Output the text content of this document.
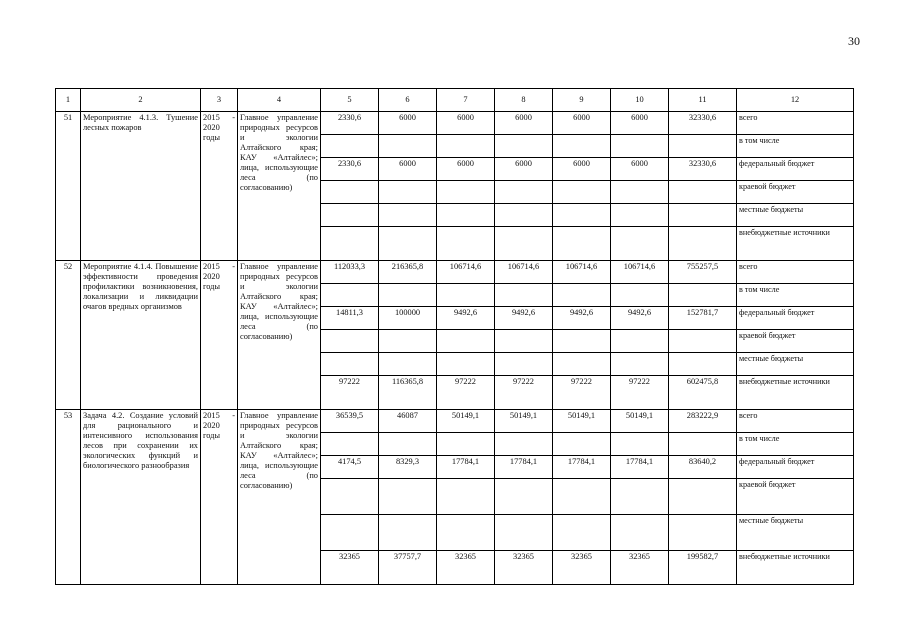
30
1	2	3	4	5	6	7	8	9	10	11	12
51	Мероприятие 4.1.3. Тушение лесных пожаров	2015 - 2020 годы	Главное управление природных ресурсов и экологии Алтайского края; КАУ «Алтайлес»; лица, использующие леса (по согласованию)	2330,6	6000	6000	6000	6000	6000	32330,6	всего
											в том числе
				2330,6	6000	6000	6000	6000	6000	32330,6	федеральный бюджет
											краевой бюджет
											местные бюджеты
											внебюджетные источники
52	Мероприятие 4.1.4. Повышение эффективности проведения профилактики возникновения, локализации и ликвидации очагов вредных организмов	2015 - 2020 годы	Главное управление природных ресурсов и экологии Алтайского края; КАУ «Алтайлес»; лица, использующие леса (по согласованию)	112033,3	216365,8	106714,6	106714,6	106714,6	106714,6	755257,5	всего
											в том числе
				14811,3	100000	9492,6	9492,6	9492,6	9492,6	152781,7	федеральный бюджет
											краевой бюджет
											местные бюджеты
				97222	116365,8	97222	97222	97222	97222	602475,8	внебюджетные источники
53	Задача 4.2. Создание условий для рационального и интенсивного использования лесов при сохранении их экологических функций и биологического разнообразия	2015 - 2020 годы	Главное управление природных ресурсов и экологии Алтайского края; КАУ «Алтайлес»; лица, использующие леса (по согласованию)	36539,5	46087	50149,1	50149,1	50149,1	50149,1	283222,9	всего
											в том числе
				4174,5	8329,3	17784,1	17784,1	17784,1	17784,1	83640,2	федеральный бюджет
											краевой бюджет
											местные бюджеты
				32365	37757,7	32365	32365	32365	32365	199582,7	внебюджетные источники
